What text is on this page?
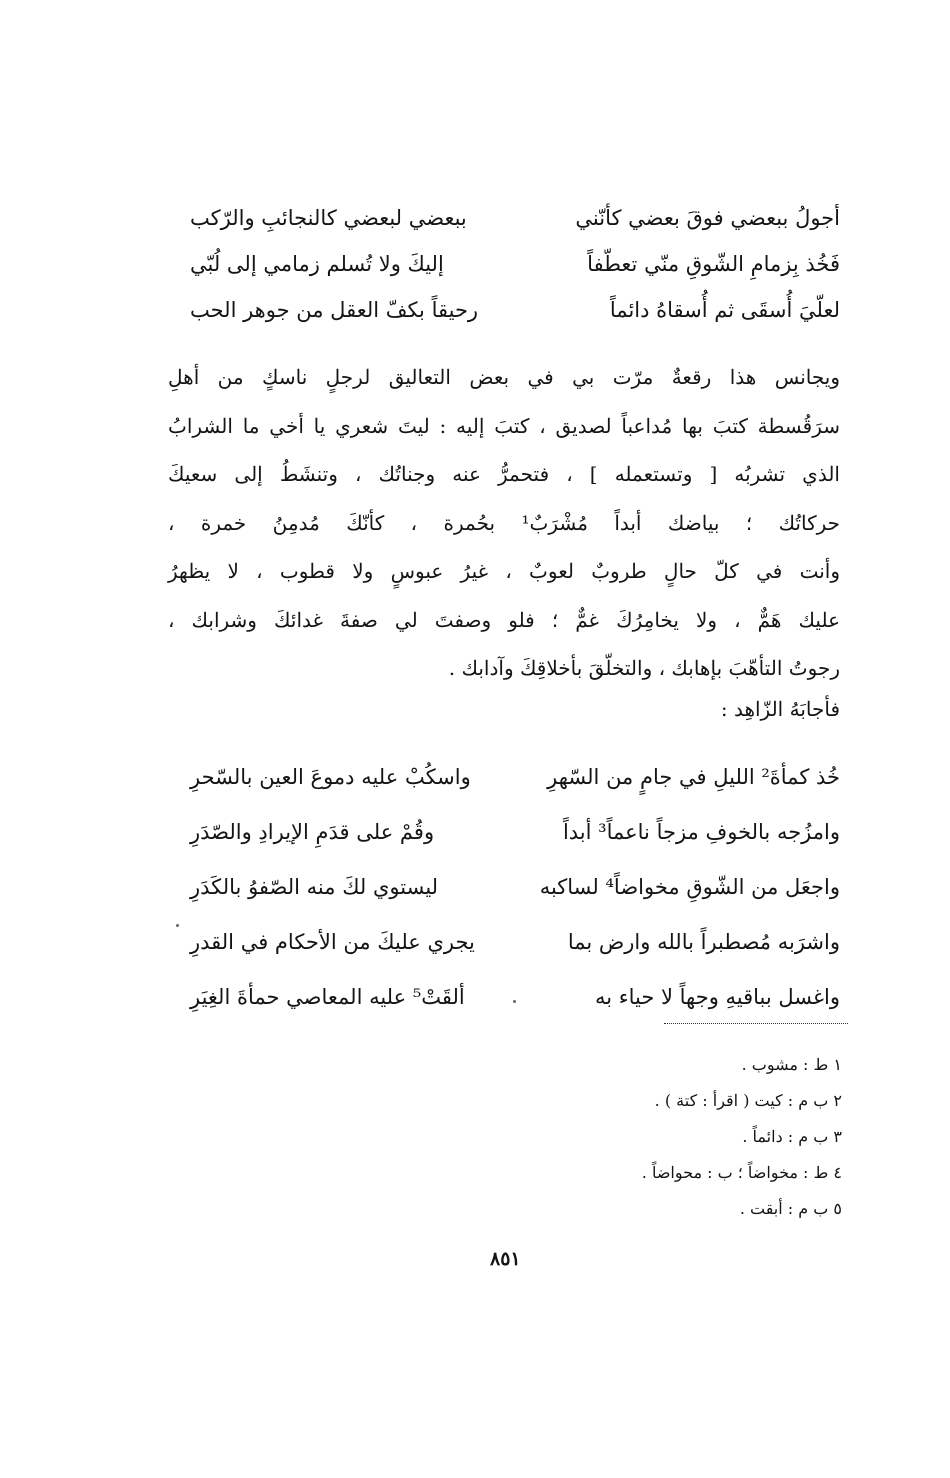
أجولُ ببعضي فوقَ بعضي كأنّني
ببعضي لبعضي كالنجائبِ والرّكب
فَخُذ بِزمامِ الشّوقِ منّي تعطّفاً
إليكَ ولا تُسلم زمامي إلى لُبّي
لعلّيَ أُسقَى ثم أُسقاهُ دائماً
رحيقاً بكفّ العقل من جوهر الحب
ويجانس هذا رقعةٌ مرّت بي في بعض التعاليق لرجلٍ ناسكٍ من أهلِ
سرَقُسطة كتبَ بها مُداعباً لصديق ، كتبَ إليه : ليتَ شعري يا أخي ما الشرابُ
الذي تشربُه [ وتستعمله ] ، فتحمرُّ عنه وجناتُك ، وتنشَطُ إلى سعيكَ
حركاتُك ؛ بياضك أبداً مُشْرَبٌ¹ بحُمرة ، كأنّكَ مُدمِنُ خمرة ،
وأنت في كلّ حالٍ طروبٌ لعوبٌ ، غيرُ عبوسٍ ولا قطوب ، لا يظهرُ
عليك هَمٌّ ، ولا يخامِرُكَ غمٌّ ؛ فلو وصفتَ لي صفةَ غدائكَ وشرابك ،
رجوتُ التأهّبَ بإهابك ، والتخلّقَ بأخلاقِكَ وآدابك .
فأجابَهُ الزّاهِد :
خُذ كمأةَ² الليلِ في جامٍ من السّهرِ
واسكُبْ عليه دموعَ العين بالسّحرِ
وامزُجه بالخوفِ مزجاً ناعماً³ أبداً
وقُمْ على قدَمِ الإيرادِ والصّدَرِ
واجعَل من الشّوقِ مخواضاً⁴ لساكبه
ليستوي لكَ منه الصّفوُ بالكَدَرِ
واشرَبه مُصطبراً بالله وارض بما
يجري عليكَ من الأحكام في القدرِ
واغسل بباقيهِ وجهاً لا حياء به
ألقَتْ⁵ عليه المعاصي حمأةَ الغِيَرِ
١ ط : مشوب .
٢ ب م : كيت ( اقرأ : كتة ) .
٣ ب م : دائماً .
٤ ط : مخواضاً ؛ ب : محواضاً .
٥ ب م : أبقت .
٨٥١
